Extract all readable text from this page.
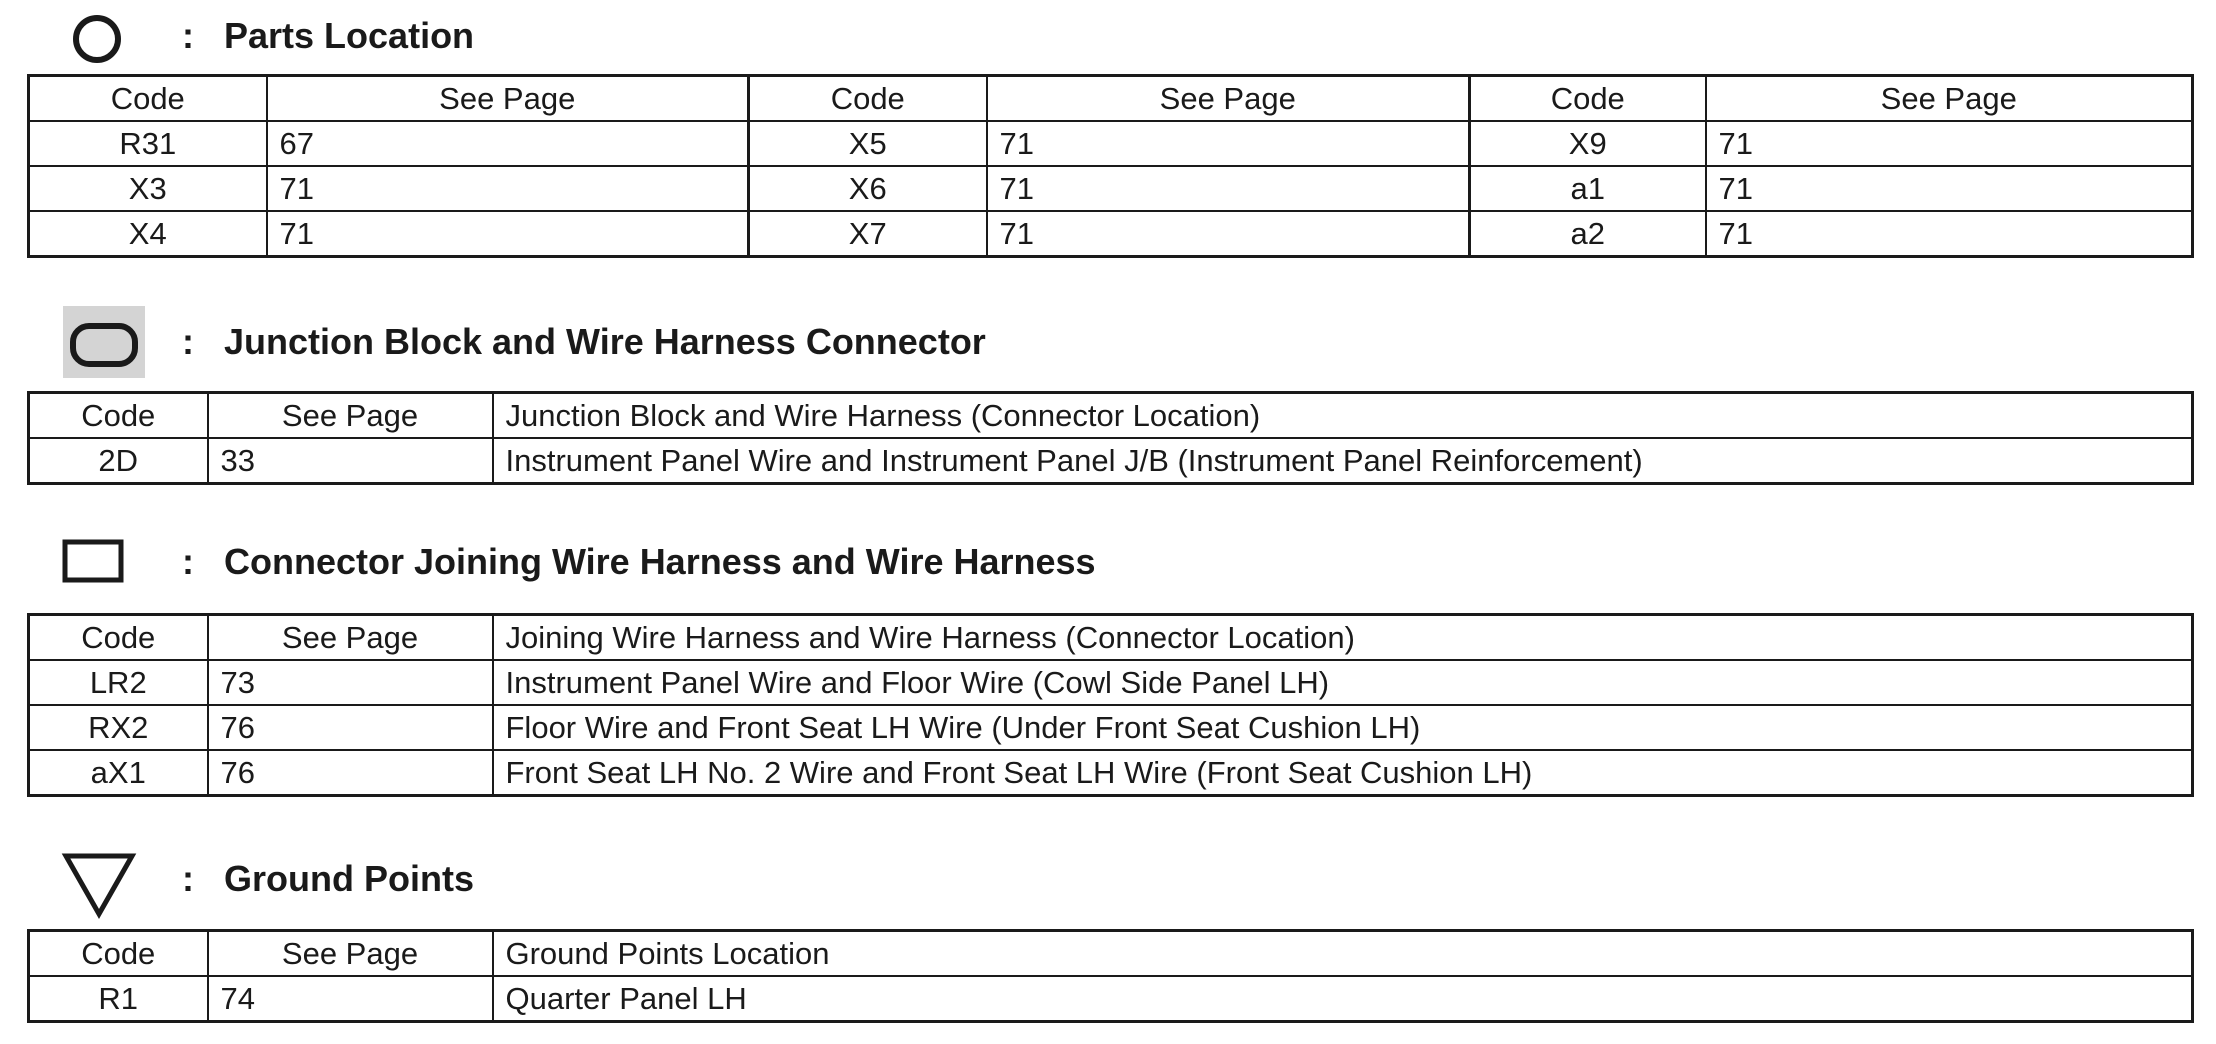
: Parts Location
Code	See Page	Code	See Page	Code	See Page
R31	67	X5	71	X9	71
X3	71	X6	71	a1	71
X4	71	X7	71	a2	71
: Junction Block and Wire Harness Connector
Code	See Page	Junction Block and Wire Harness (Connector Location)
2D	33	Instrument Panel Wire and Instrument Panel J/B (Instrument Panel Reinforcement)
: Connector Joining Wire Harness and Wire Harness
Code	See Page	Joining Wire Harness and Wire Harness (Connector Location)
LR2	73	Instrument Panel Wire and Floor Wire (Cowl Side Panel LH)
RX2	76	Floor Wire and Front Seat LH Wire (Under Front Seat Cushion LH)
aX1	76	Front Seat LH No. 2 Wire and Front Seat LH Wire (Front Seat Cushion LH)
: Ground Points
Code	See Page	Ground Points Location
R1	74	Quarter Panel LH
